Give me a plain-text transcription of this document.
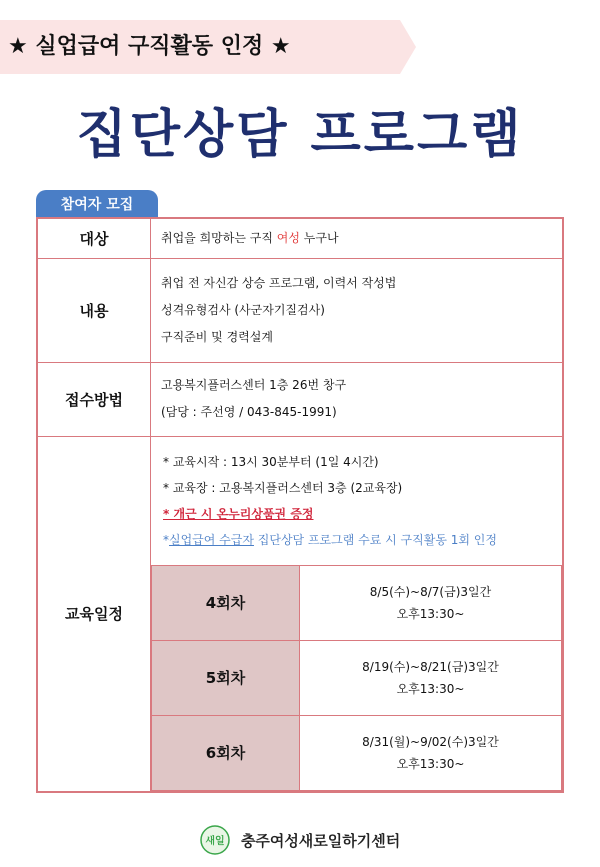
★ 실업급여 구직활동 인정 ★
집단상담 프로그램
참여자 모집
대상	취업을 희망하는 구직 여성 누구나
내용	
취업 전 자신감 상승 프로그램, 이력서 작성법
성격유형검사 (사군자기질검사)
구직준비 및 경력설계

접수방법	
고용복지플러스센터 1층 26번 창구
(담당 : 주선영 / 043-845-1991)

교육일정	
* 교육시작 : 13시 30분부터 (1일 4시간)
* 교육장 : 고용복지플러스센터 3층 (2교육장)
* 개근 시 온누리상품권 증정
*실업급여 수급자 집단상담 프로그램 수료 시 구직활동 1회 인정
4회차	
8/5(수)~8/7(금)3일간
오후13:30~

5회차	
8/19(수)~8/21(금)3일간
오후13:30~

6회차	
8/31(월)~9/02(수)3일간
오후13:30~
새일 충주여성새로일하기센터
